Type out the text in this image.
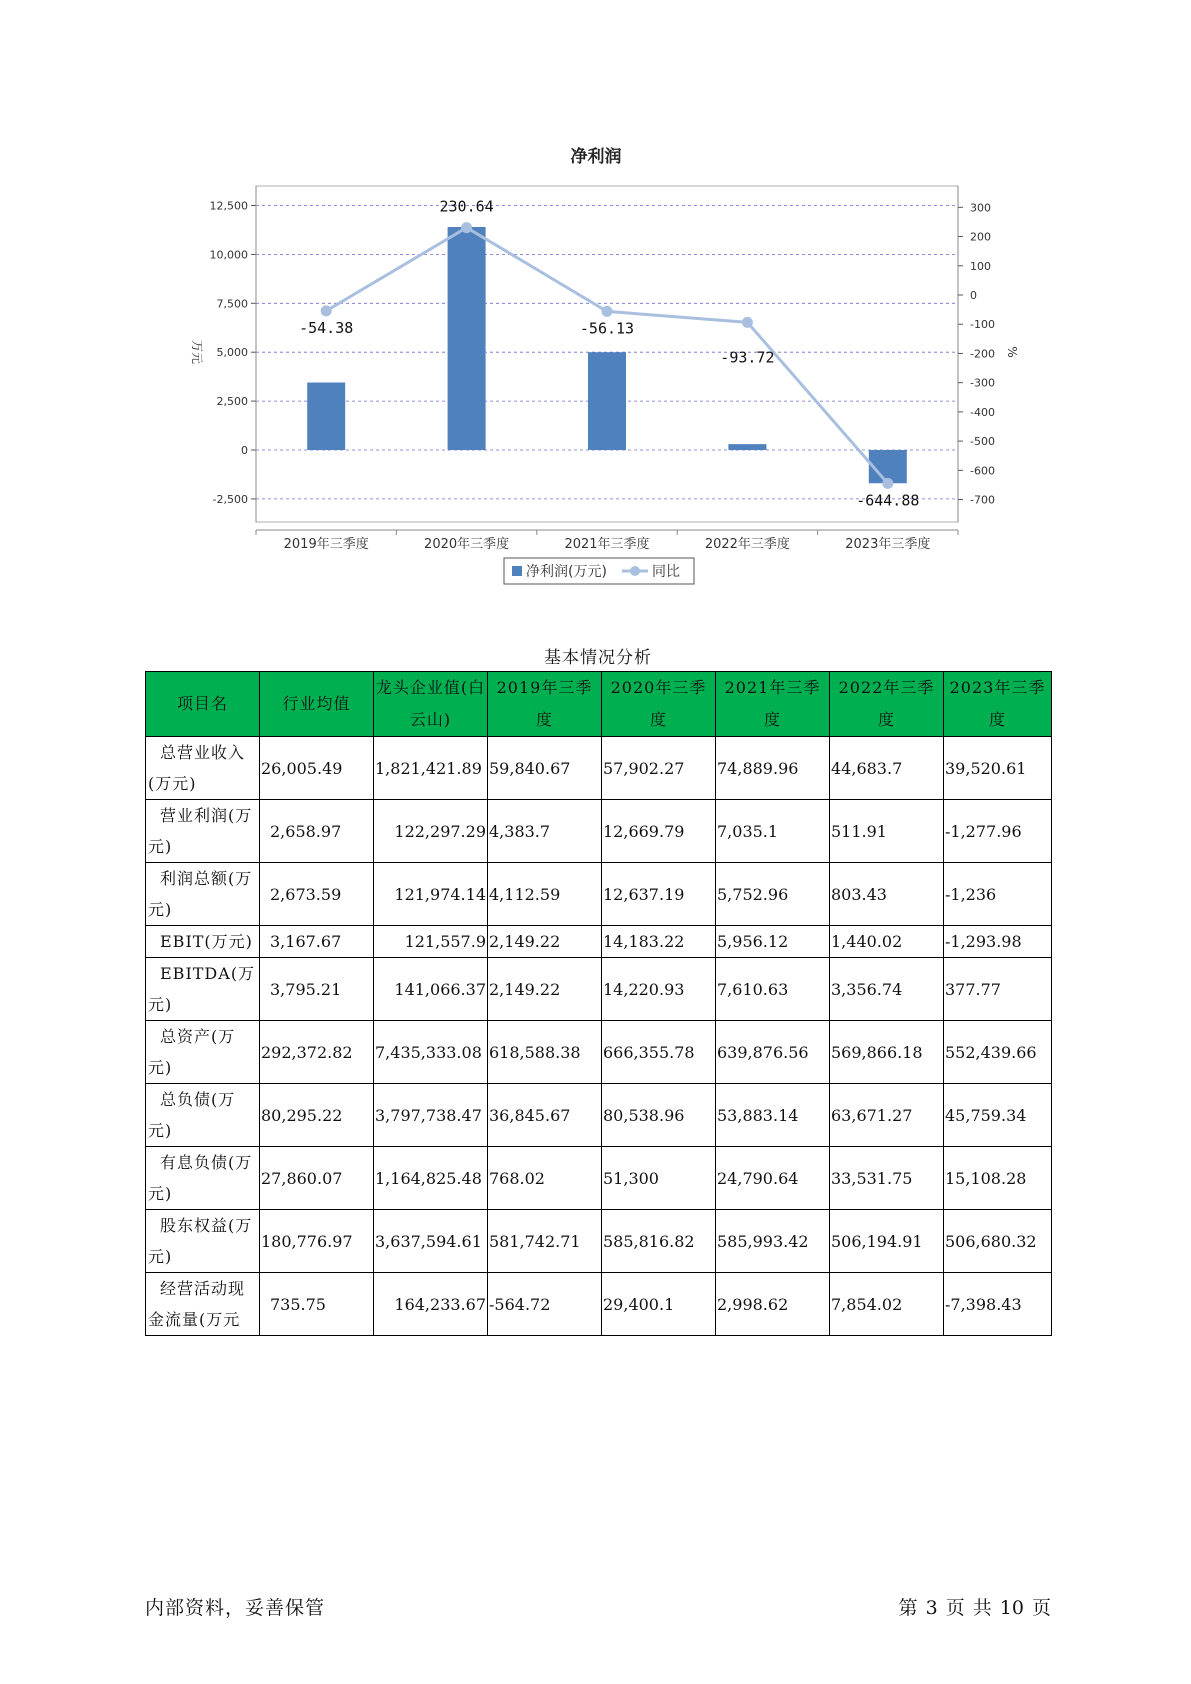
净利润
12,500
10,000
7,500
5,000
2,500
0
-2,500
300
200
100
0
-100
-200
-300
-400
-500
-600
-700
万元	%
2019年三季度	2020年三季度	2021年三季度	2022年三季度	2023年三季度
-54.38
230.64
-56.13
-93.72
-644.88
净利润(万元)	同比
基本情况分析
项目名	行业均值	龙头企业值(白云山)	2019年三季度	2020年三季度	2021年三季度	2022年三季度	2023年三季度
总营业收入(万元)	26,005.49	1,821,421.89	59,840.67	57,902.27	74,889.96	44,683.7	39,520.61
营业利润(万元)	2,658.97	122,297.29	4,383.7	12,669.79	7,035.1	511.91	-1,277.96
利润总额(万元)	2,673.59	121,974.14	4,112.59	12,637.19	5,752.96	803.43	-1,236
EBIT(万元)	3,167.67	121,557.9	2,149.22	14,183.22	5,956.12	1,440.02	-1,293.98
EBITDA(万元)	3,795.21	141,066.37	2,149.22	14,220.93	7,610.63	3,356.74	377.77
总资产(万元)	292,372.82	7,435,333.08	618,588.38	666,355.78	639,876.56	569,866.18	552,439.66
总负债(万元)	80,295.22	3,797,738.47	36,845.67	80,538.96	53,883.14	63,671.27	45,759.34
有息负债(万元)	27,860.07	1,164,825.48	768.02	51,300	24,790.64	33,531.75	15,108.28
股东权益(万元)	180,776.97	3,637,594.61	581,742.71	585,816.82	585,993.42	506,194.91	506,680.32
经营活动现金流量(万元	735.75	164,233.67	-564.72	29,400.1	2,998.62	7,854.02	-7,398.43
内部资料，妥善保管	第 3 页 共 10 页
